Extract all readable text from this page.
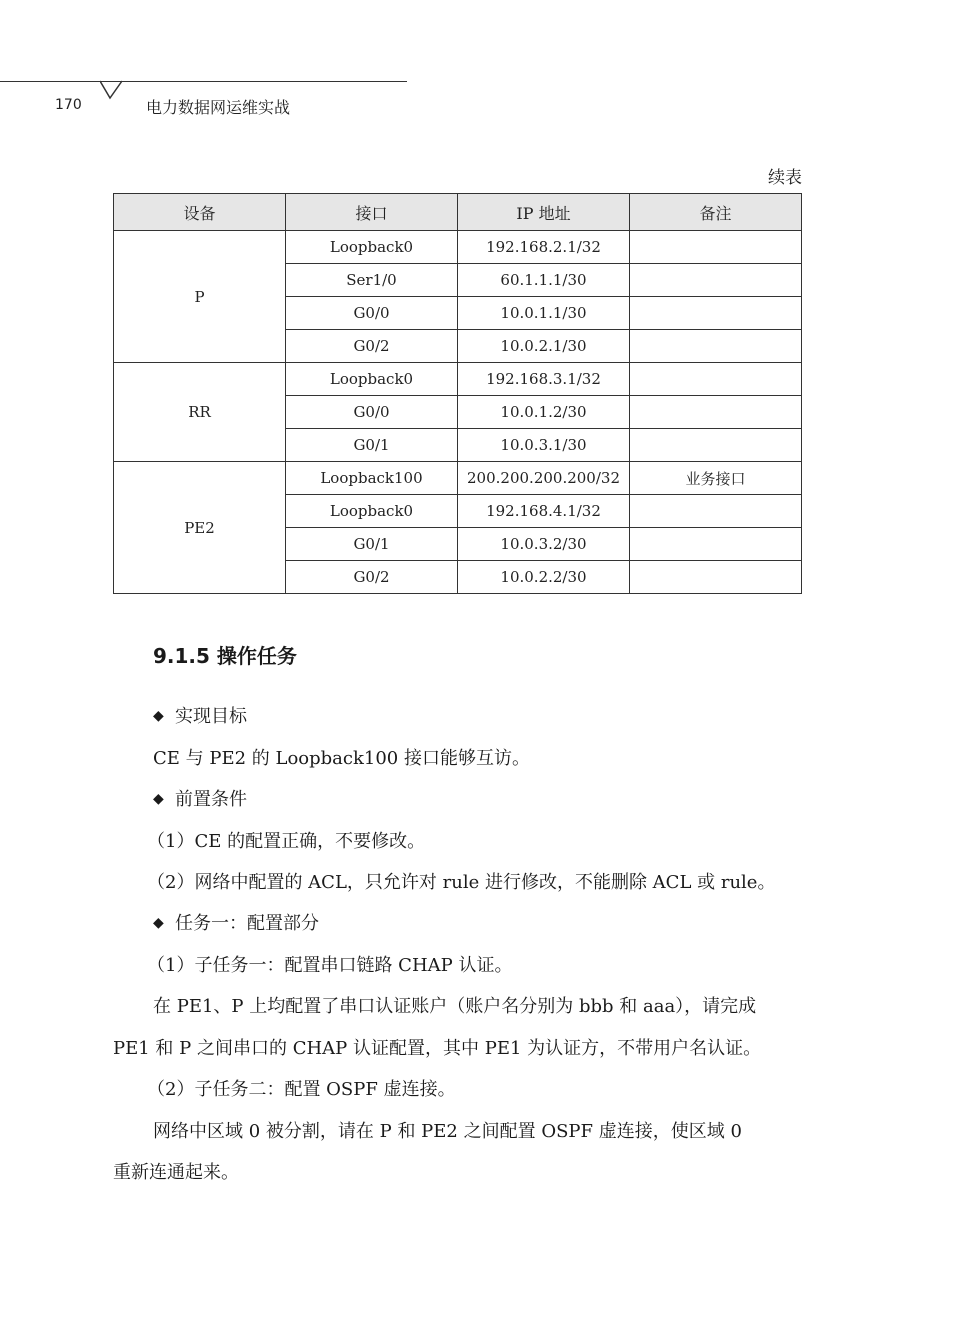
170	电力数据网运维实战
续表
设备	接口	IP 地址	备注
P	Loopback0	192.168.2.1/32	
	Ser1/0	60.1.1.1/30	
	G0/0	10.0.1.1/30	
	G0/2	10.0.2.1/30	
RR	Loopback0	192.168.3.1/32	
	G0/0	10.0.1.2/30	
	G0/1	10.0.3.1/30	
PE2	Loopback100	200.200.200.200/32	业务接口
	Loopback0	192.168.4.1/32	
	G0/1	10.0.3.2/30	
	G0/2	10.0.2.2/30	
9.1.5 操作任务
◆ 实现目标
CE 与 PE2 的 Loopback100 接口能够互访。
◆ 前置条件
（1）CE 的配置正确，不要修改。
（2）网络中配置的 ACL，只允许对 rule 进行修改，不能删除 ACL 或 rule。
◆ 任务一：配置部分
（1）子任务一：配置串口链路 CHAP 认证。
在 PE1、P 上均配置了串口认证账户（账户名分别为 bbb 和 aaa），请完成
PE1 和 P 之间串口的 CHAP 认证配置，其中 PE1 为认证方，不带用户名认证。
（2）子任务二：配置 OSPF 虚连接。
网络中区域 0 被分割，请在 P 和 PE2 之间配置 OSPF 虚连接，使区域 0
重新连通起来。
